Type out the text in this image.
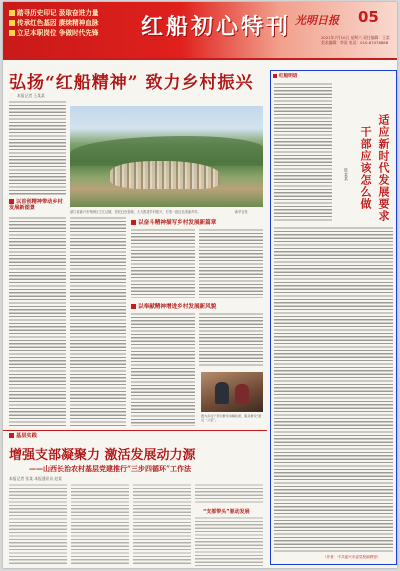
踏寻历史印记 汲取奋进力量
传承红色基因 赓续精神血脉
立足本职岗位 争做时代先锋	红船初心特刊 光明日报 05
2021年7月10日 星期六 责任编辑：王某 美术编辑：李某 电话：010-67078888
弘扬“红船精神” 致力乡村振兴
本报记者 王某某
以首创精神带动乡村发展新图景
浙江省嘉兴市秀洲区王江泾镇，依托红色资源，大力推进乡村振兴，打造一批红色美丽乡村。	新华社发
以奋斗精神描写乡村发展新篇章
以奉献精神增进乡村发展新风貌
图为乡村干部为群众讲解政策，服务群众“最后一公里”。
基层实践
增强支部凝聚力 激活发展动力源
——山西长治农村基层党建推行“三步四循环”工作法
本报记者 张某 本报通讯员 赵某
“支部带头”驱动发展
红船明语
适应新时代发展要求
干部应该怎么做
陈某某
（作者：中共嘉兴市委党校副教授）
